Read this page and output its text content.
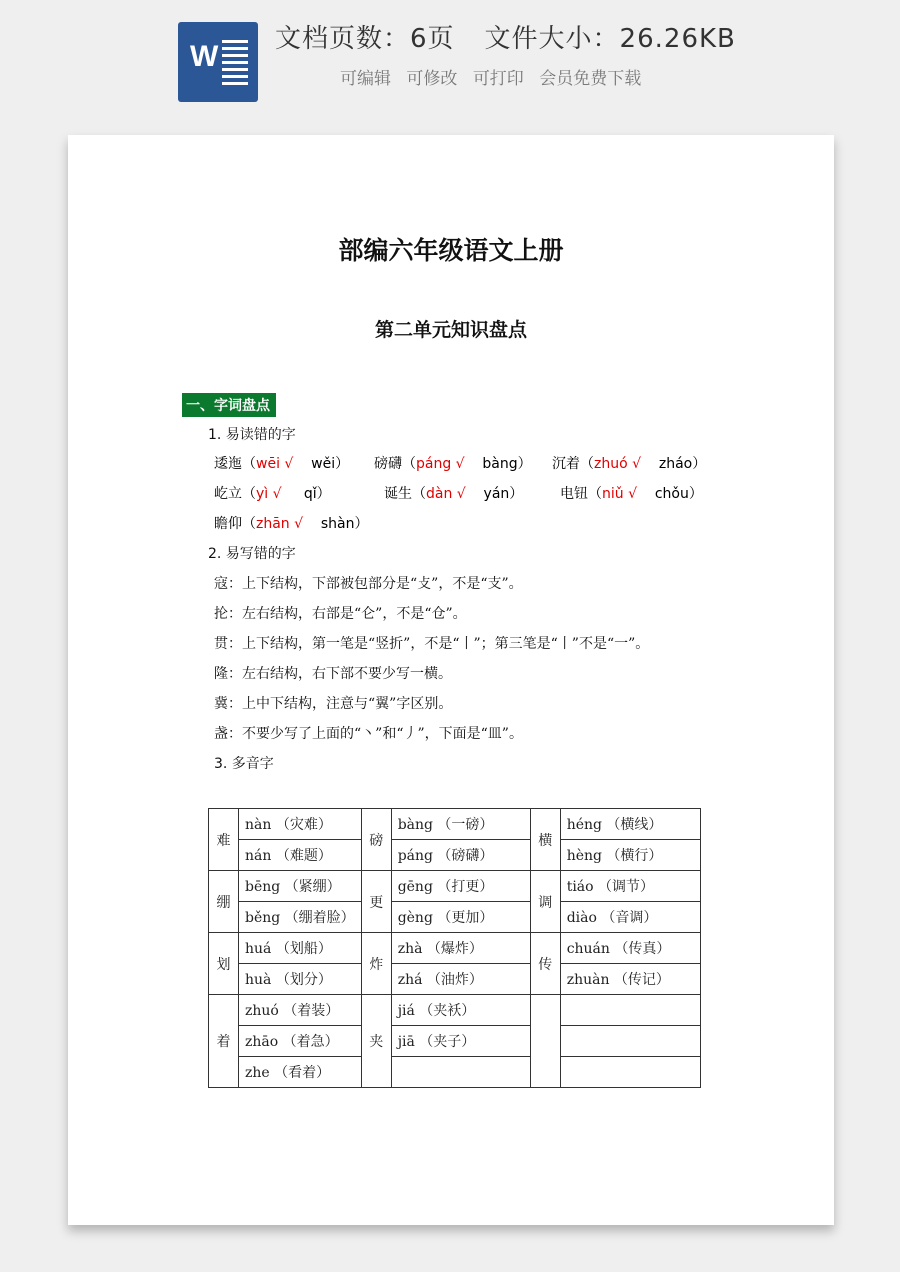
W
文档页数：6页 文件大小：26.26KB
可编辑 可修改 可打印 会员免费下载
部编六年级语文上册
第二单元知识盘点
一、字词盘点
1. 易读错的字
逶迤（wēi √ wěi） 磅礴（páng √ bàng） 沉着（zhuó √ zháo）
屹立（yì √ qǐ）	诞生（dàn √ yán）	电钮（niǔ √ chǒu）
瞻仰（zhān √ shàn）
2. 易写错的字
寇：上下结构，下部被包部分是“攴”，不是“支”。
抡：左右结构，右部是“仑”，不是“仓”。
贯：上下结构，第一笔是“竖折”，不是“丨”；第三笔是“丨”不是“一”。
隆：左右结构，右下部不要少写一横。
冀：上中下结构，注意与“翼”字区别。
盏：不要少写了上面的“丶”和“丿”，下面是“皿”。
3. 多音字
难	nàn （灾难）	磅	bàng （一磅）	横	héng （横线）
	nán （难题）		páng （磅礴）		hèng （横行）
绷	bēng （紧绷）	更	gēng （打更）	调	tiáo （调节）
	běng （绷着脸）		gèng （更加）		diào （音调）
划	huá （划船）	炸	zhà （爆炸）	传	chuán （传真）
	huà （划分）		zhá （油炸）		zhuàn （传记）
着	zhuó （着装）	夹	jiá （夹袄）		
	zhāo （着急）		jiā （夹子）		
	zhe （看着）				
